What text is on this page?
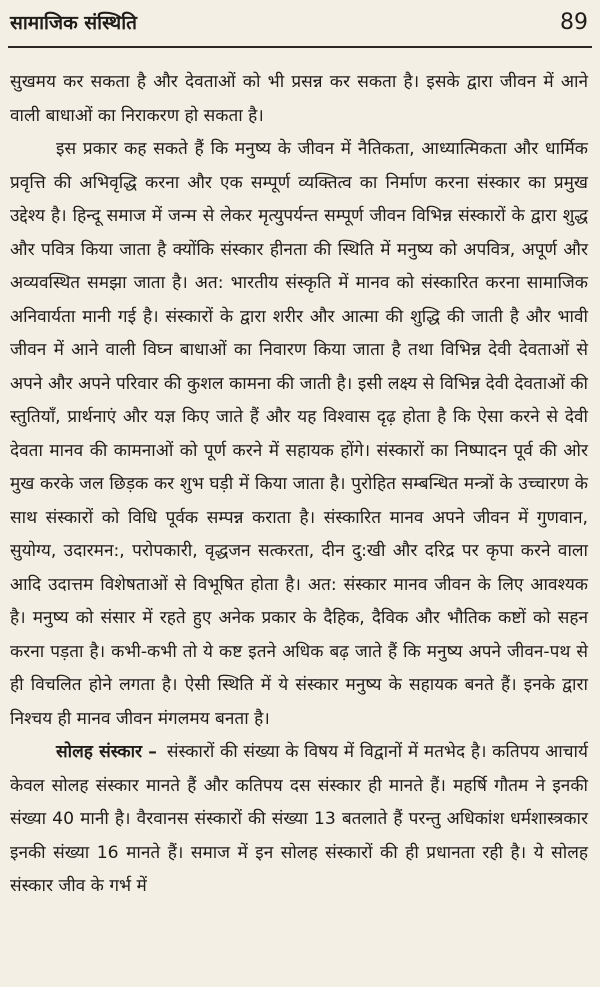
सामाजिक संस्थिति	89

सुखमय कर सकता है और देवताओं को भी प्रसन्न कर सकता है। इसके द्वारा जीवन में आने वाली बाधाओं का निराकरण हो सकता है।

इस प्रकार कह सकते हैं कि मनुष्य के जीवन में नैतिकता, आध्यात्मिकता और धार्मिक प्रवृत्ति की अभिवृद्धि करना और एक सम्पूर्ण व्यक्तित्व का निर्माण करना संस्कार का प्रमुख उद्देश्य है। हिन्दू समाज में जन्म से लेकर मृत्युपर्यन्त सम्पूर्ण जीवन विभिन्न संस्कारों के द्वारा शुद्ध और पवित्र किया जाता है क्योंकि संस्कार हीनता की स्थिति में मनुष्य को अपवित्र, अपूर्ण और अव्यवस्थित समझा जाता है। अत: भारतीय संस्कृति में मानव को संस्कारित करना सामाजिक अनिवार्यता मानी गई है। संस्कारों के द्वारा शरीर और आत्मा की शुद्धि की जाती है और भावी जीवन में आने वाली विघ्न बाधाओं का निवारण किया जाता है तथा विभिन्न देवी देवताओं से अपने और अपने परिवार की कुशल कामना की जाती है। इसी लक्ष्य से विभिन्न देवी देवताओं की स्तुतियाँ, प्रार्थनाएं और यज्ञ किए जाते हैं और यह विश्वास दृढ़ होता है कि ऐसा करने से देवी देवता मानव की कामनाओं को पूर्ण करने में सहायक होंगे। संस्कारों का निष्पादन पूर्व की ओर मुख करके जल छिड़क कर शुभ घड़ी में किया जाता है। पुरोहित सम्बन्धित मन्त्रों के उच्चारण के साथ संस्कारों को विधि पूर्वक सम्पन्न कराता है। संस्कारित मानव अपने जीवन में गुणवान, सुयोग्य, उदारमन:, परोपकारी, वृद्धजन सत्करता, दीन दु:खी और दरिद्र पर कृपा करने वाला आदि उदात्तम विशेषताओं से विभूषित होता है। अत: संस्कार मानव जीवन के लिए आवश्यक है। मनुष्य को संसार में रहते हुए अनेक प्रकार के दैहिक, दैविक और भौतिक कष्टों को सहन करना पड़ता है। कभी-कभी तो ये कष्ट इतने अधिक बढ़ जाते हैं कि मनुष्य अपने जीवन-पथ से ही विचलित होने लगता है। ऐसी स्थिति में ये संस्कार मनुष्य के सहायक बनते हैं। इनके द्वारा निश्चय ही मानव जीवन मंगलमय बनता है।

सोलह संस्कार – संस्कारों की संख्या के विषय में विद्वानों में मतभेद है। कतिपय आचार्य केवल सोलह संस्कार मानते हैं और कतिपय दस संस्कार ही मानते हैं। महर्षि गौतम ने इनकी संख्या 40 मानी है। वैरवानस संस्कारों की संख्या 13 बतलाते हैं परन्तु अधिकांश धर्मशास्त्रकार इनकी संख्या 16 मानते हैं। समाज में इन सोलह संस्कारों की ही प्रधानता रही है। ये सोलह संस्कार जीव के गर्भ में
